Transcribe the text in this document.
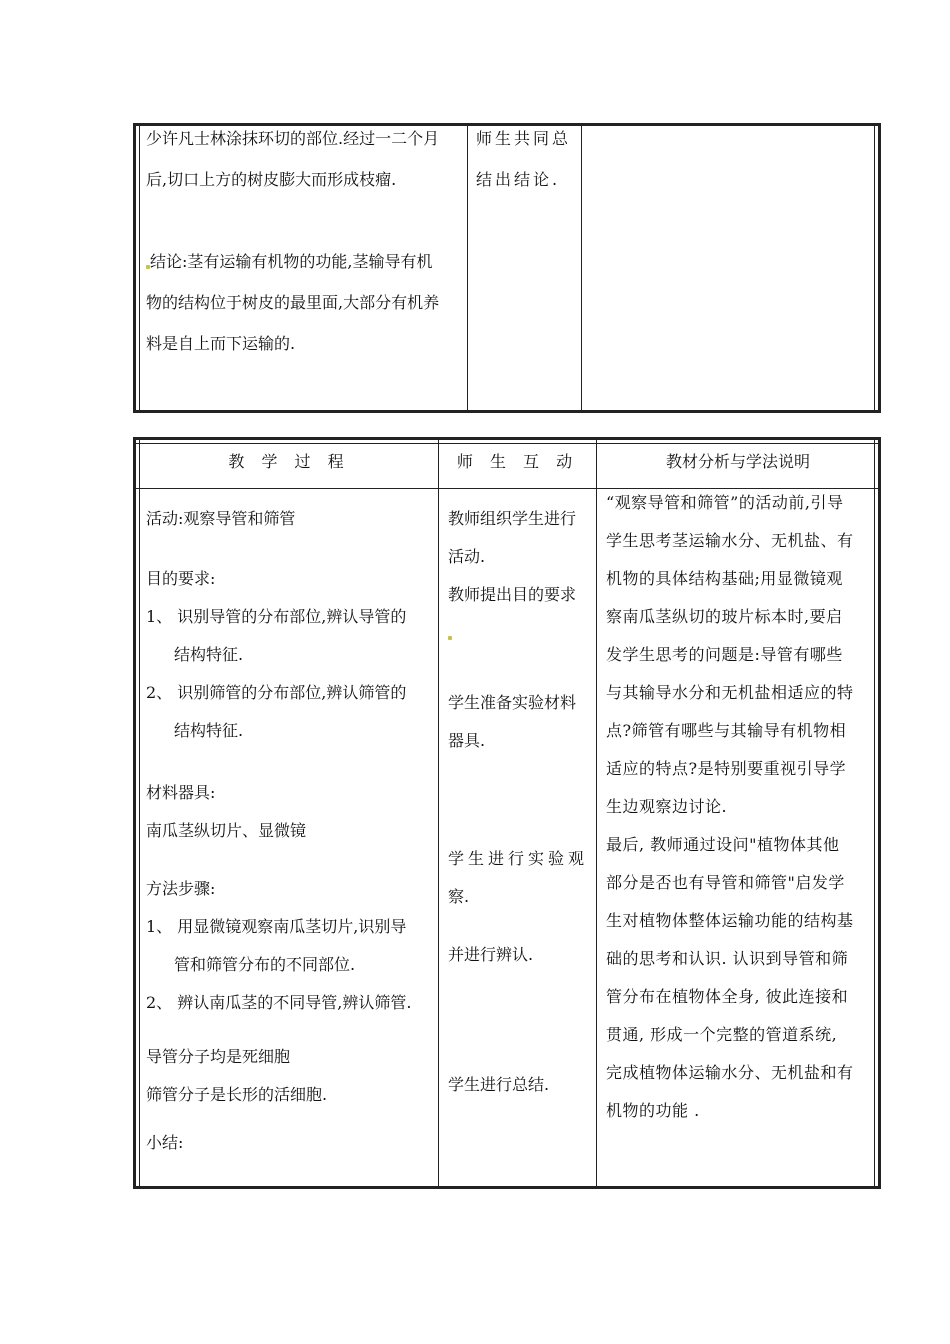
少许凡士林涂抹环切的部位.经过一二个月

后,切口上方的树皮膨大而形成枝瘤.

结论:茎有运输有机物的功能,茎输导有机

物的结构位于树皮的最里面,大部分有机养

料是自上而下运输的.

师生共同总

结出结论.

教 学 过 程	师 生 互 动	教材分析与学法说明

活动:观察导管和筛管

目的要求:

1、 识别导管的分布部位,辨认导管的

结构特征.

2、 识别筛管的分布部位,辨认筛管的

结构特征.

材料器具:

南瓜茎纵切片、显微镜

方法步骤:

1、 用显微镜观察南瓜茎切片,识别导

管和筛管分布的不同部位.

2、 辨认南瓜茎的不同导管,辨认筛管.

导管分子均是死细胞

筛管分子是长形的活细胞.

小结:

教师组织学生进行

活动.

教师提出目的要求

学生准备实验材料

器具.

学生进行实验观

察.

并进行辨认.

学生进行总结.

“观察导管和筛管”的活动前,引导

学生思考茎运输水分、无机盐、有

机物的具体结构基础;用显微镜观

察南瓜茎纵切的玻片标本时,要启

发学生思考的问题是:导管有哪些

与其输导水分和无机盐相适应的特

点?筛管有哪些与其输导有机物相

适应的特点?是特别要重视引导学

生边观察边讨论.

最后, 教师通过设问"植物体其他

部分是否也有导管和筛管"启发学

生对植物体整体运输功能的结构基

础的思考和认识. 认识到导管和筛

管分布在植物体全身, 彼此连接和

贯通, 形成一个完整的管道系统,

完成植物体运输水分、无机盐和有

机物的功能 .
